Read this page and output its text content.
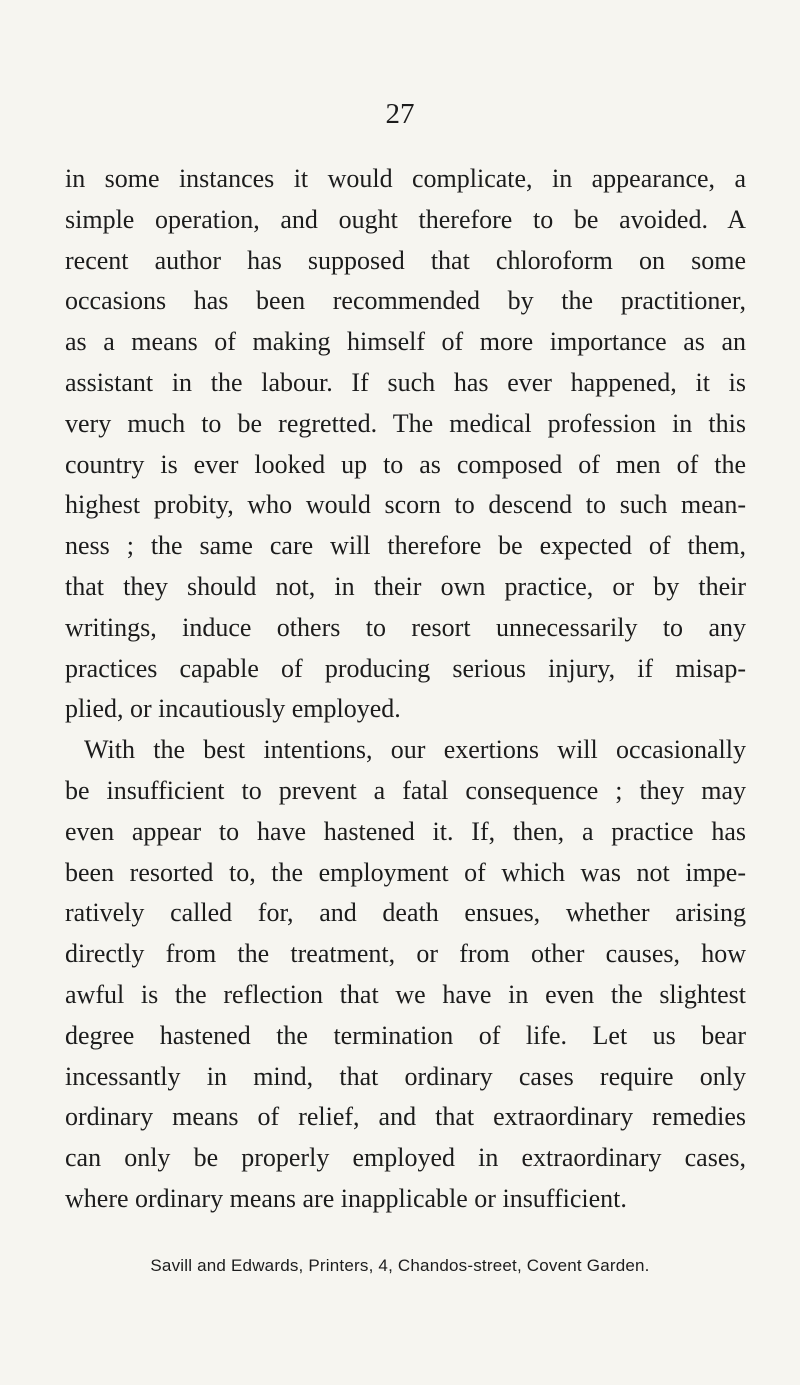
27
in some instances it would complicate, in appearance, a
simple operation, and ought therefore to be avoided. A
recent author has supposed that chloroform on some
occasions has been recommended by the practitioner,
as a means of making himself of more importance as an
assistant in the labour. If such has ever happened, it is
very much to be regretted. The medical profession in this
country is ever looked up to as composed of men of the
highest probity, who would scorn to descend to such mean-
ness ; the same care will therefore be expected of them,
that they should not, in their own practice, or by their
writings, induce others to resort unnecessarily to any
practices capable of producing serious injury, if misap-
plied, or incautiously employed.
With the best intentions, our exertions will occasionally
be insufficient to prevent a fatal consequence ; they may
even appear to have hastened it. If, then, a practice has
been resorted to, the employment of which was not impe-
ratively called for, and death ensues, whether arising
directly from the treatment, or from other causes, how
awful is the reflection that we have in even the slightest
degree hastened the termination of life. Let us bear
incessantly in mind, that ordinary cases require only
ordinary means of relief, and that extraordinary remedies
can only be properly employed in extraordinary cases,
where ordinary means are inapplicable or insufficient.
Savill and Edwards, Printers, 4, Chandos-street, Covent Garden.
